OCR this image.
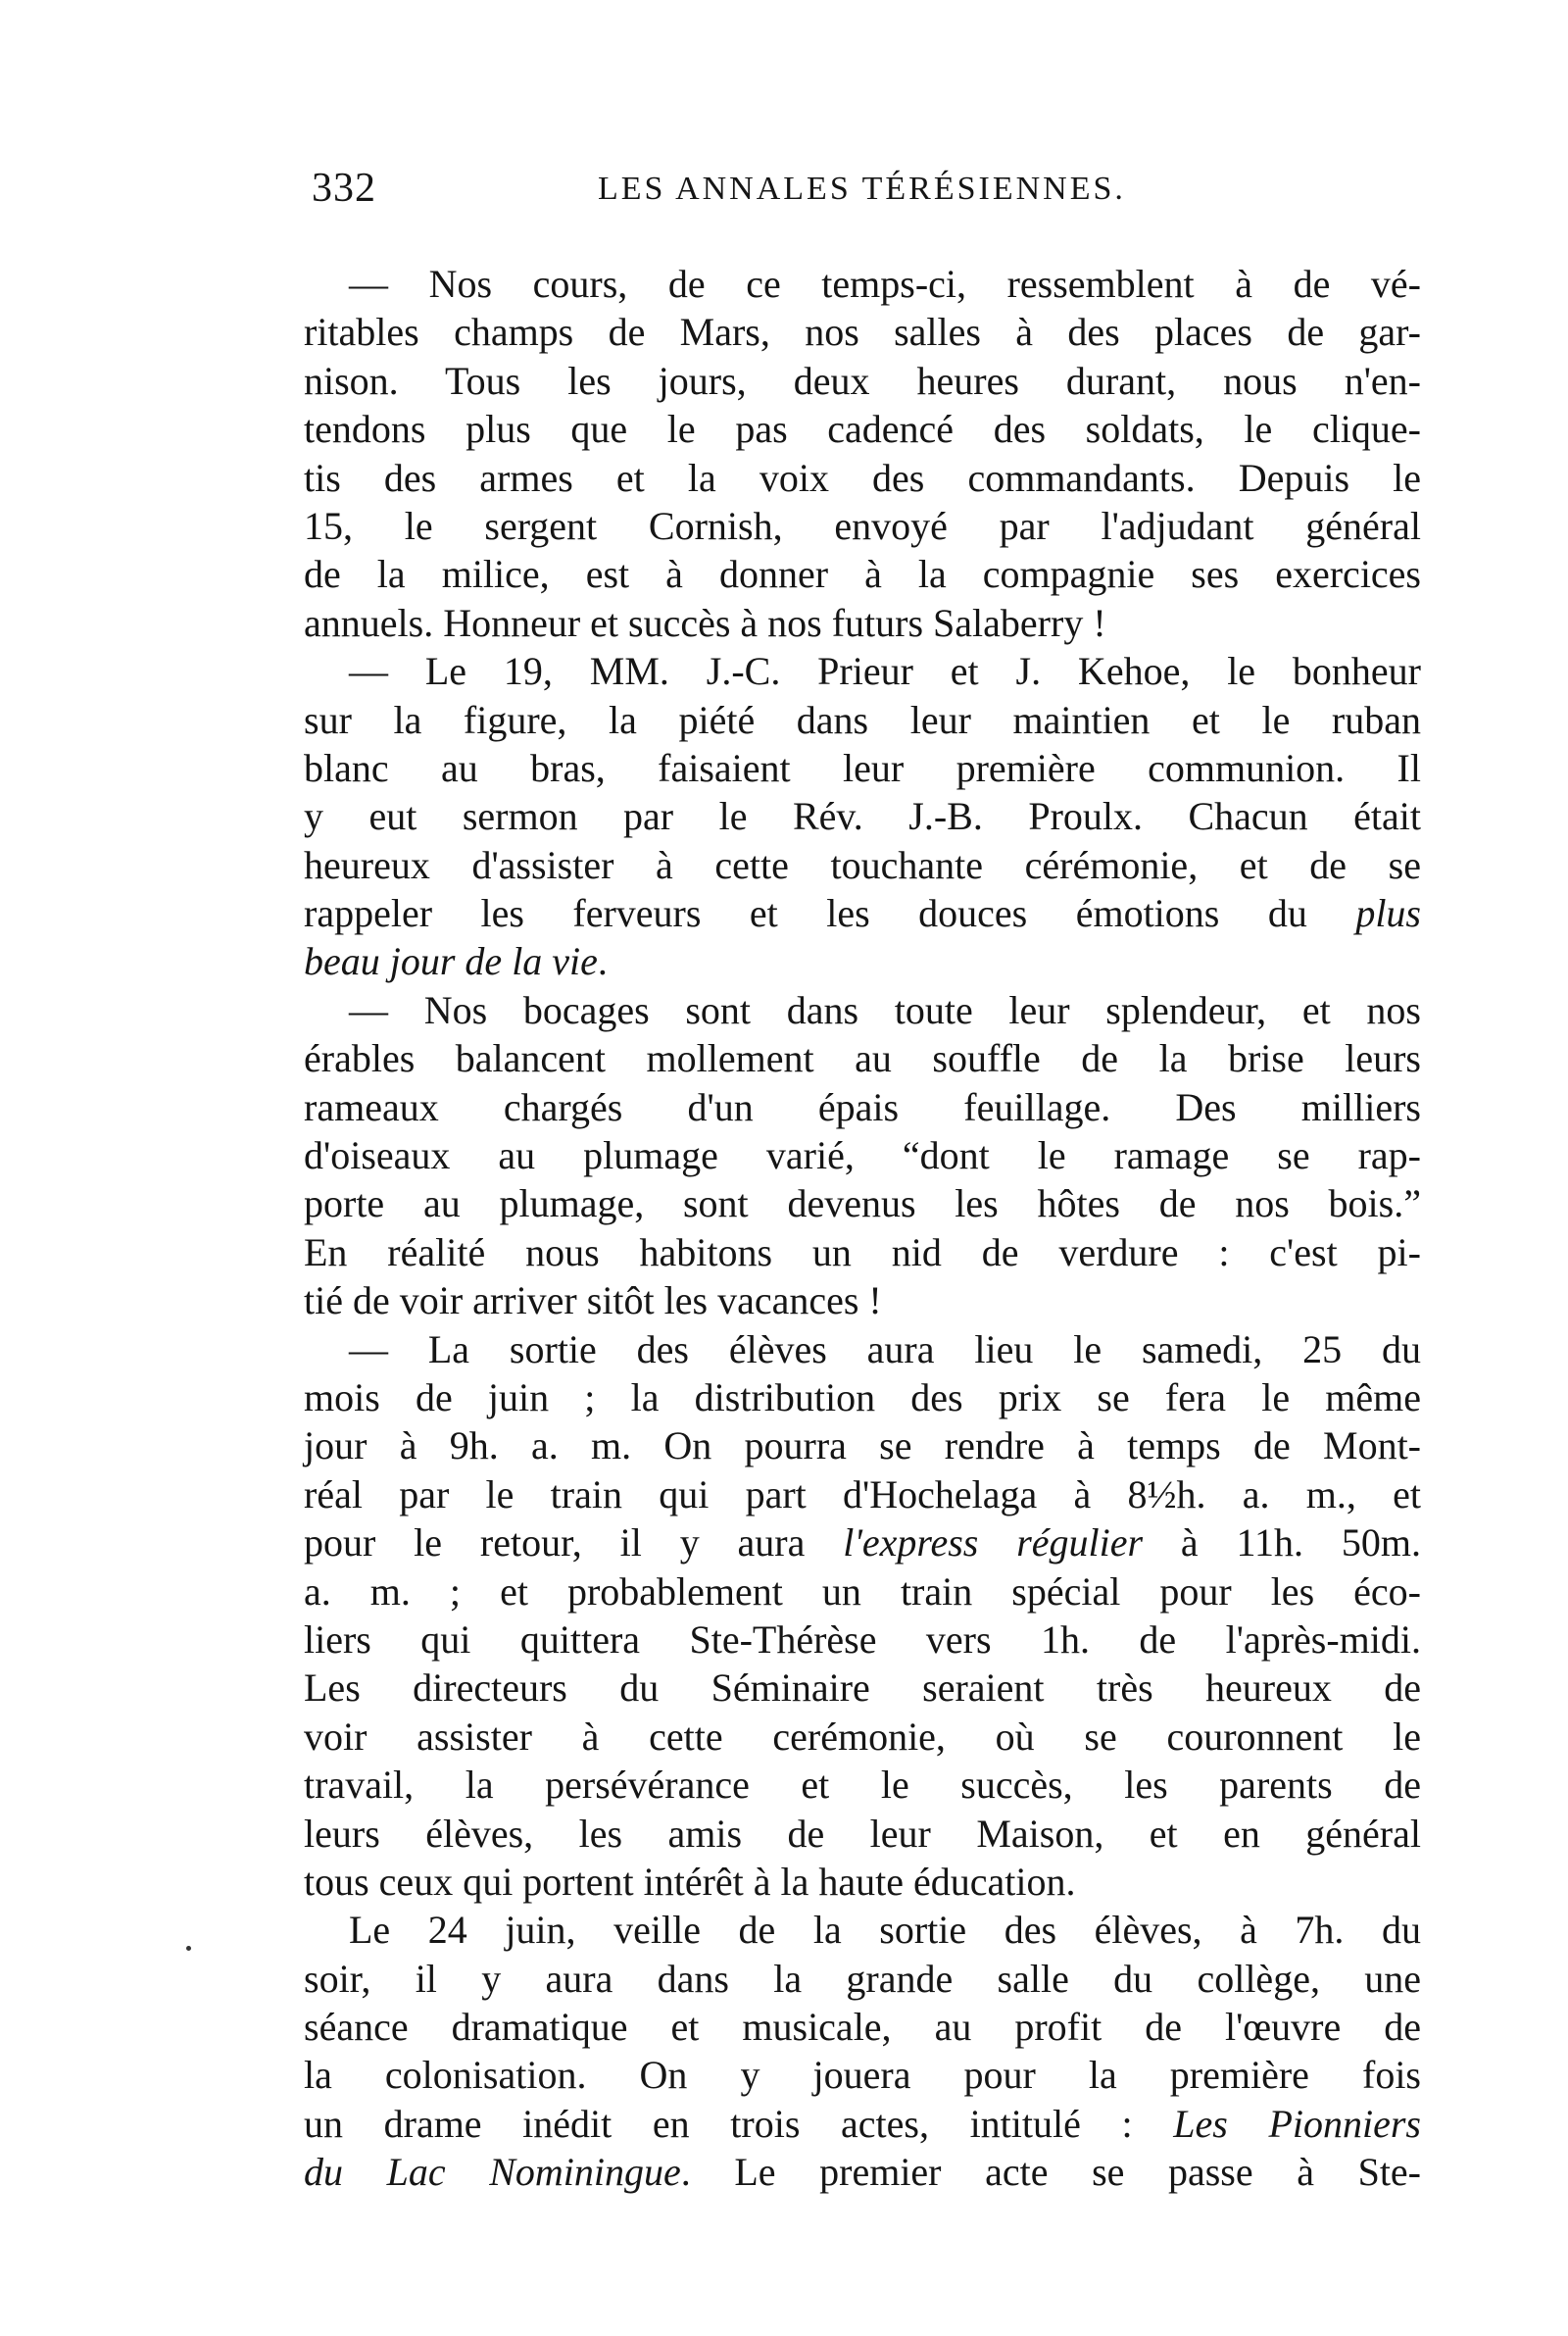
332	LES ANNALES TÉRÉSIENNES.
— Nos cours, de ce temps-ci, ressemblent à de vé-
ritables champs de Mars, nos salles à des places de gar-
nison. Tous les jours, deux heures durant, nous n'en-
tendons plus que le pas cadencé des soldats, le clique-
tis des armes et la voix des commandants. Depuis le
15, le sergent Cornish, envoyé par l'adjudant général
de la milice, est à donner à la compagnie ses exercices
annuels. Honneur et succès à nos futurs Salaberry !
— Le 19, MM. J.-C. Prieur et J. Kehoe, le bonheur
sur la figure, la piété dans leur maintien et le ruban
blanc au bras, faisaient leur première communion. Il
y eut sermon par le Rév. J.-B. Proulx. Chacun était
heureux d'assister à cette touchante cérémonie, et de se
rappeler les ferveurs et les douces émotions du plus
beau jour de la vie.
— Nos bocages sont dans toute leur splendeur, et nos
érables balancent mollement au souffle de la brise leurs
rameaux chargés d'un épais feuillage. Des milliers
d'oiseaux au plumage varié, “dont le ramage se rap-
porte au plumage, sont devenus les hôtes de nos bois.”
En réalité nous habitons un nid de verdure : c'est pi-
tié de voir arriver sitôt les vacances !
— La sortie des élèves aura lieu le samedi, 25 du
mois de juin ; la distribution des prix se fera le même
jour à 9h. a. m. On pourra se rendre à temps de Mont-
réal par le train qui part d'Hochelaga à 8½h. a. m., et
pour le retour, il y aura l'express régulier à 11h. 50m.
a. m. ; et probablement un train spécial pour les éco-
liers qui quittera Ste-Thérèse vers 1h. de l'après-midi.
Les directeurs du Séminaire seraient très heureux de
voir assister à cette cerémonie, où se couronnent le
travail, la persévérance et le succès, les parents de
leurs élèves, les amis de leur Maison, et en général
tous ceux qui portent intérêt à la haute éducation.
Le 24 juin, veille de la sortie des élèves, à 7h. du
soir, il y aura dans la grande salle du collège, une
séance dramatique et musicale, au profit de l'œuvre de
la colonisation. On y jouera pour la première fois
un drame inédit en trois actes, intitulé : Les Pionniers
du Lac Nominingue. Le premier acte se passe à Ste-
